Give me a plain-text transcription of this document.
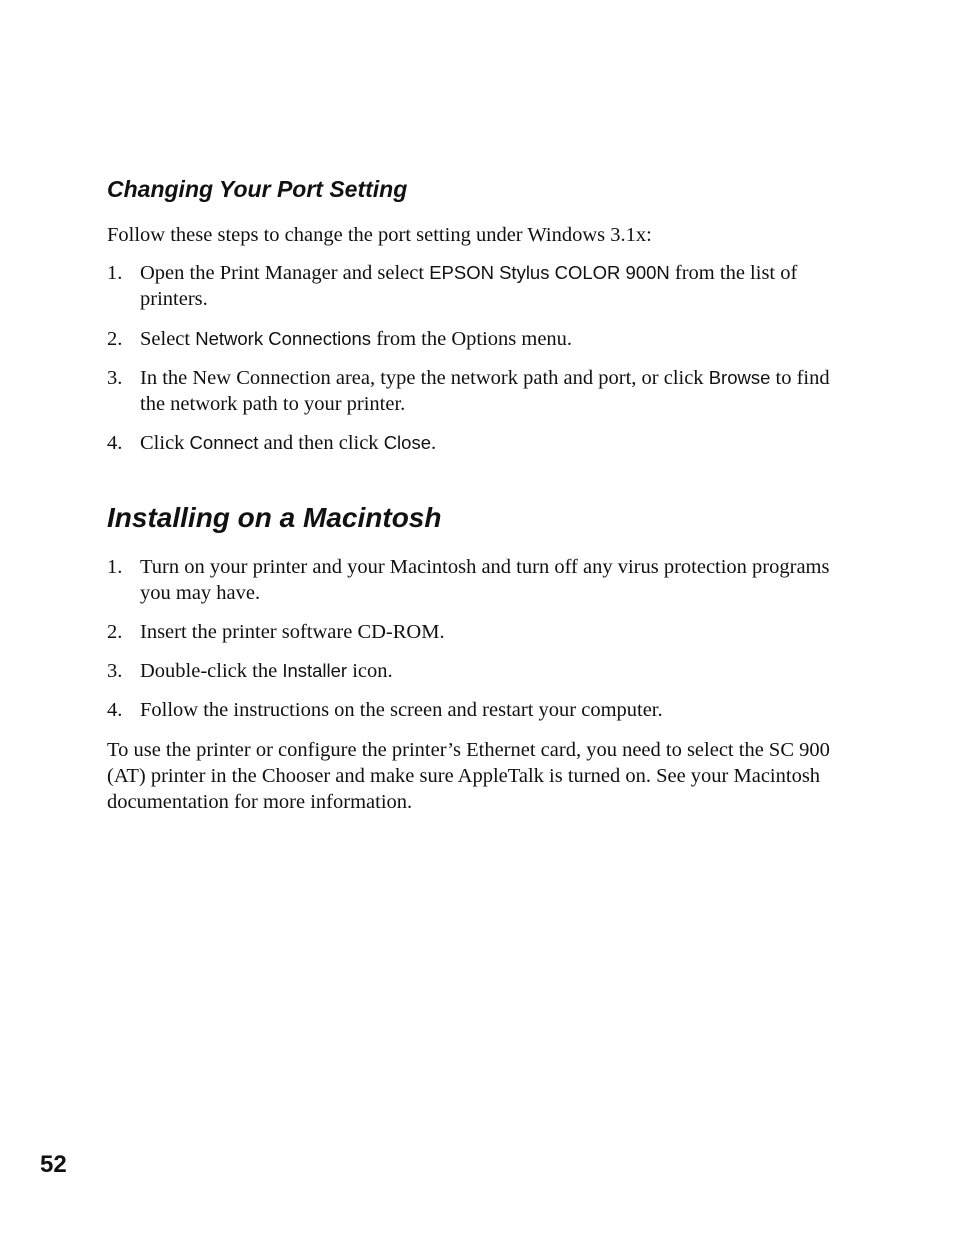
Changing Your Port Setting

Follow these steps to change the port setting under Windows 3.1x:

1. Open the Print Manager and select EPSON Stylus COLOR 900N from the list of printers.
2. Select Network Connections from the Options menu.
3. In the New Connection area, type the network path and port, or click Browse to find the network path to your printer.
4. Click Connect and then click Close.
Installing on a Macintosh
1. Turn on your printer and your Macintosh and turn off any virus protection programs you may have.
2. Insert the printer software CD-ROM.
3. Double-click the Installer icon.
4. Follow the instructions on the screen and restart your computer.

To use the printer or configure the printer’s Ethernet card, you need to select the SC 900 (AT) printer in the Chooser and make sure AppleTalk is turned on. See your Macintosh documentation for more information.

52
